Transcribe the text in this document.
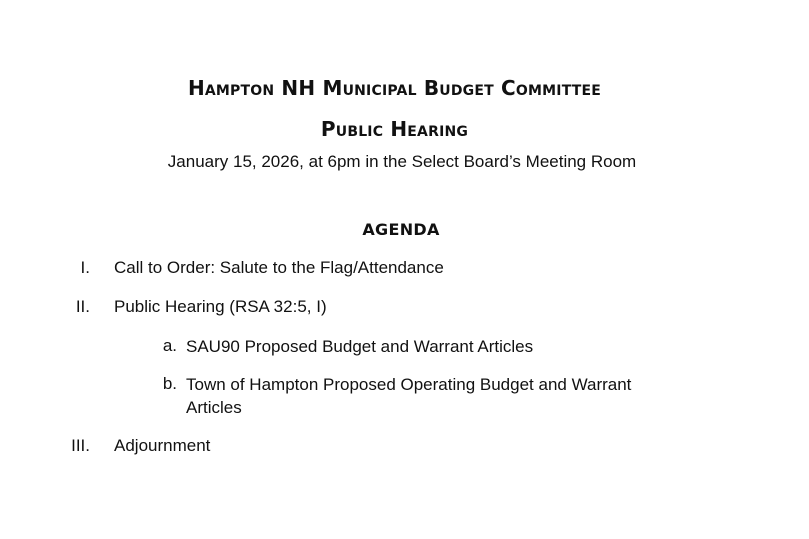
Hampton NH Municipal Budget Committee
Public Hearing
January 15, 2026, at 6pm in the Select Board’s Meeting Room
AGENDA
I. Call to Order: Salute to the Flag/Attendance
II. Public Hearing (RSA 32:5, I)
a. SAU90 Proposed Budget and Warrant Articles
b. Town of Hampton Proposed Operating Budget and Warrant Articles
III. Adjournment
